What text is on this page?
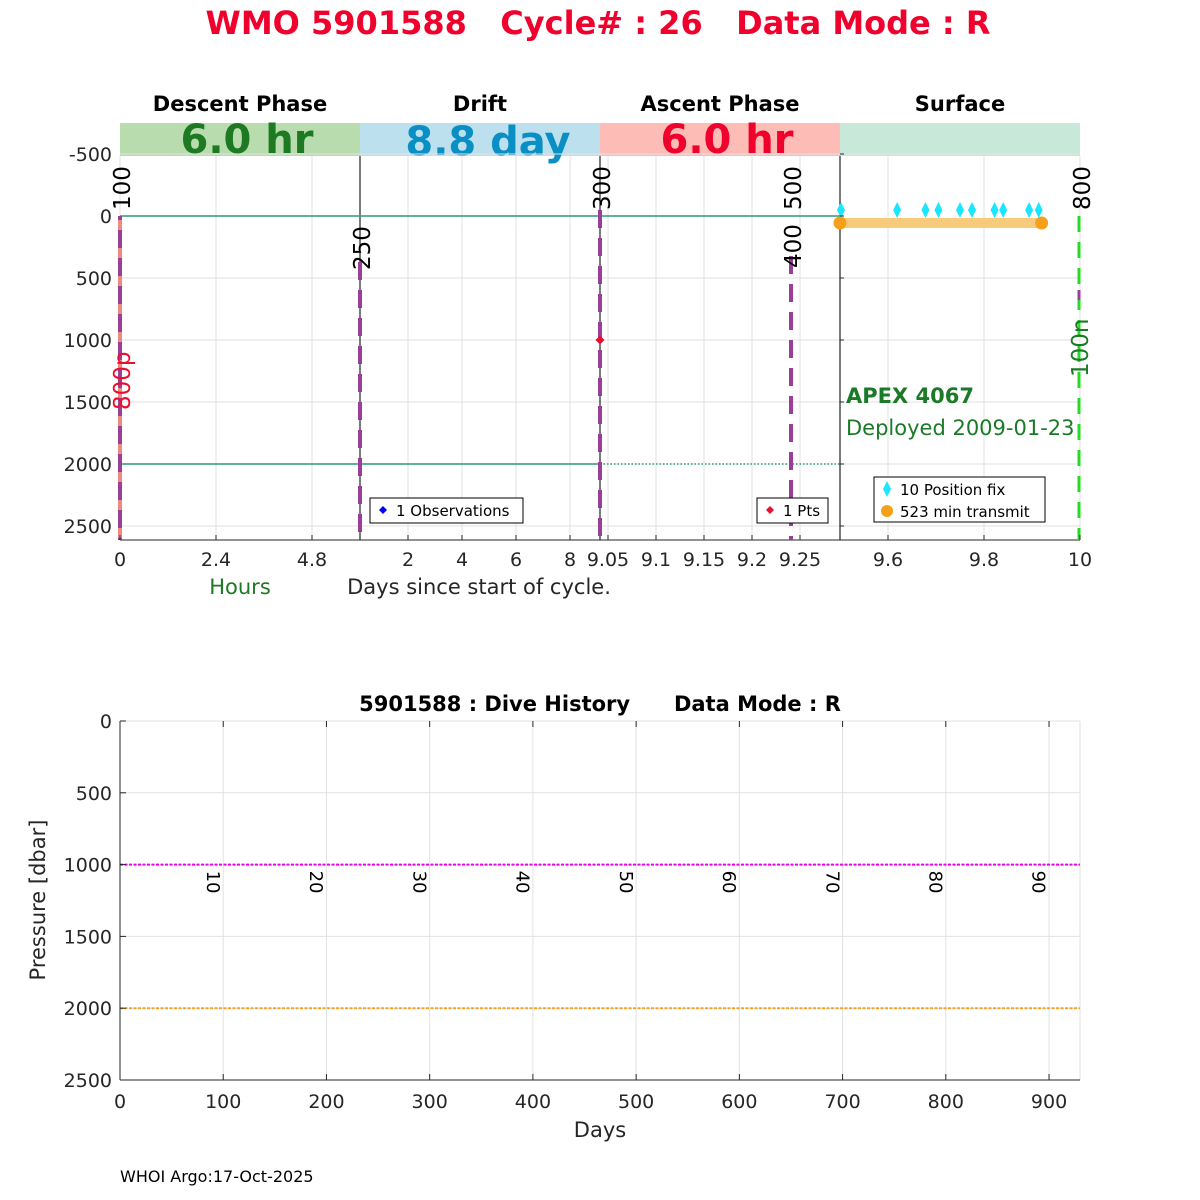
WMO 5901588   Cycle# : 26   Data Mode : R
Descent Phase	Drift	Ascent Phase	Surface
6.0 hr 8.8 day 6.0 hr
-500
0
500
1000
1500
2000
2500
0	2.4	4.8	2 4 6 8 9.05 9.1 9.15 9.2 9.25	9.6	9.8	10
100
250
300	500
400
800
800p
100n
Hours	Days since start of cycle.
APEX 4067
Deployed 2009-01-23
1 Observations	1 Pts
10 Position fix
523 min transmit
5901588 : Dive History      Data Mode : R
10	20	30	40	50	60	70	80	90
0	100	200	300	400	500	600	700	800	900
0
500
1000
1500
2000
2500
Pressure [dbar]
Days
WHOI Argo:17-Oct-2025
